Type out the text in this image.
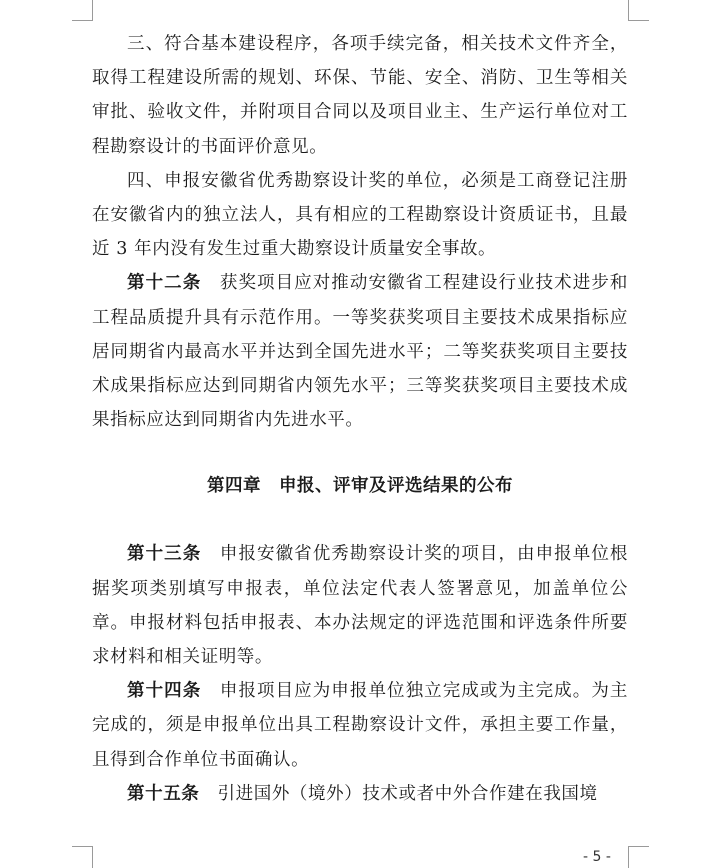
三、符合基本建设程序，各项手续完备，相关技术文件齐全，取得工程建设所需的规划、环保、节能、安全、消防、卫生等相关审批、验收文件，并附项目合同以及项目业主、生产运行单位对工程勘察设计的书面评价意见。

四、申报安徽省优秀勘察设计奖的单位，必须是工商登记注册在安徽省内的独立法人，具有相应的工程勘察设计资质证书，且最近 3 年内没有发生过重大勘察设计质量安全事故。

第十二条  获奖项目应对推动安徽省工程建设行业技术进步和工程品质提升具有示范作用。一等奖获奖项目主要技术成果指标应居同期省内最高水平并达到全国先进水平；二等奖获奖项目主要技术成果指标应达到同期省内领先水平；三等奖获奖项目主要技术成果指标应达到同期省内先进水平。

第四章　申报、评审及评选结果的公布

第十三条  申报安徽省优秀勘察设计奖的项目，由申报单位根据奖项类别填写申报表，单位法定代表人签署意见，加盖单位公章。申报材料包括申报表、本办法规定的评选范围和评选条件所要求材料和相关证明等。

第十四条  申报项目应为申报单位独立完成或为主完成。为主完成的，须是申报单位出具工程勘察设计文件，承担主要工作量，且得到合作单位书面确认。

第十五条  引进国外（境外）技术或者中外合作建在我国境

- 5 -
